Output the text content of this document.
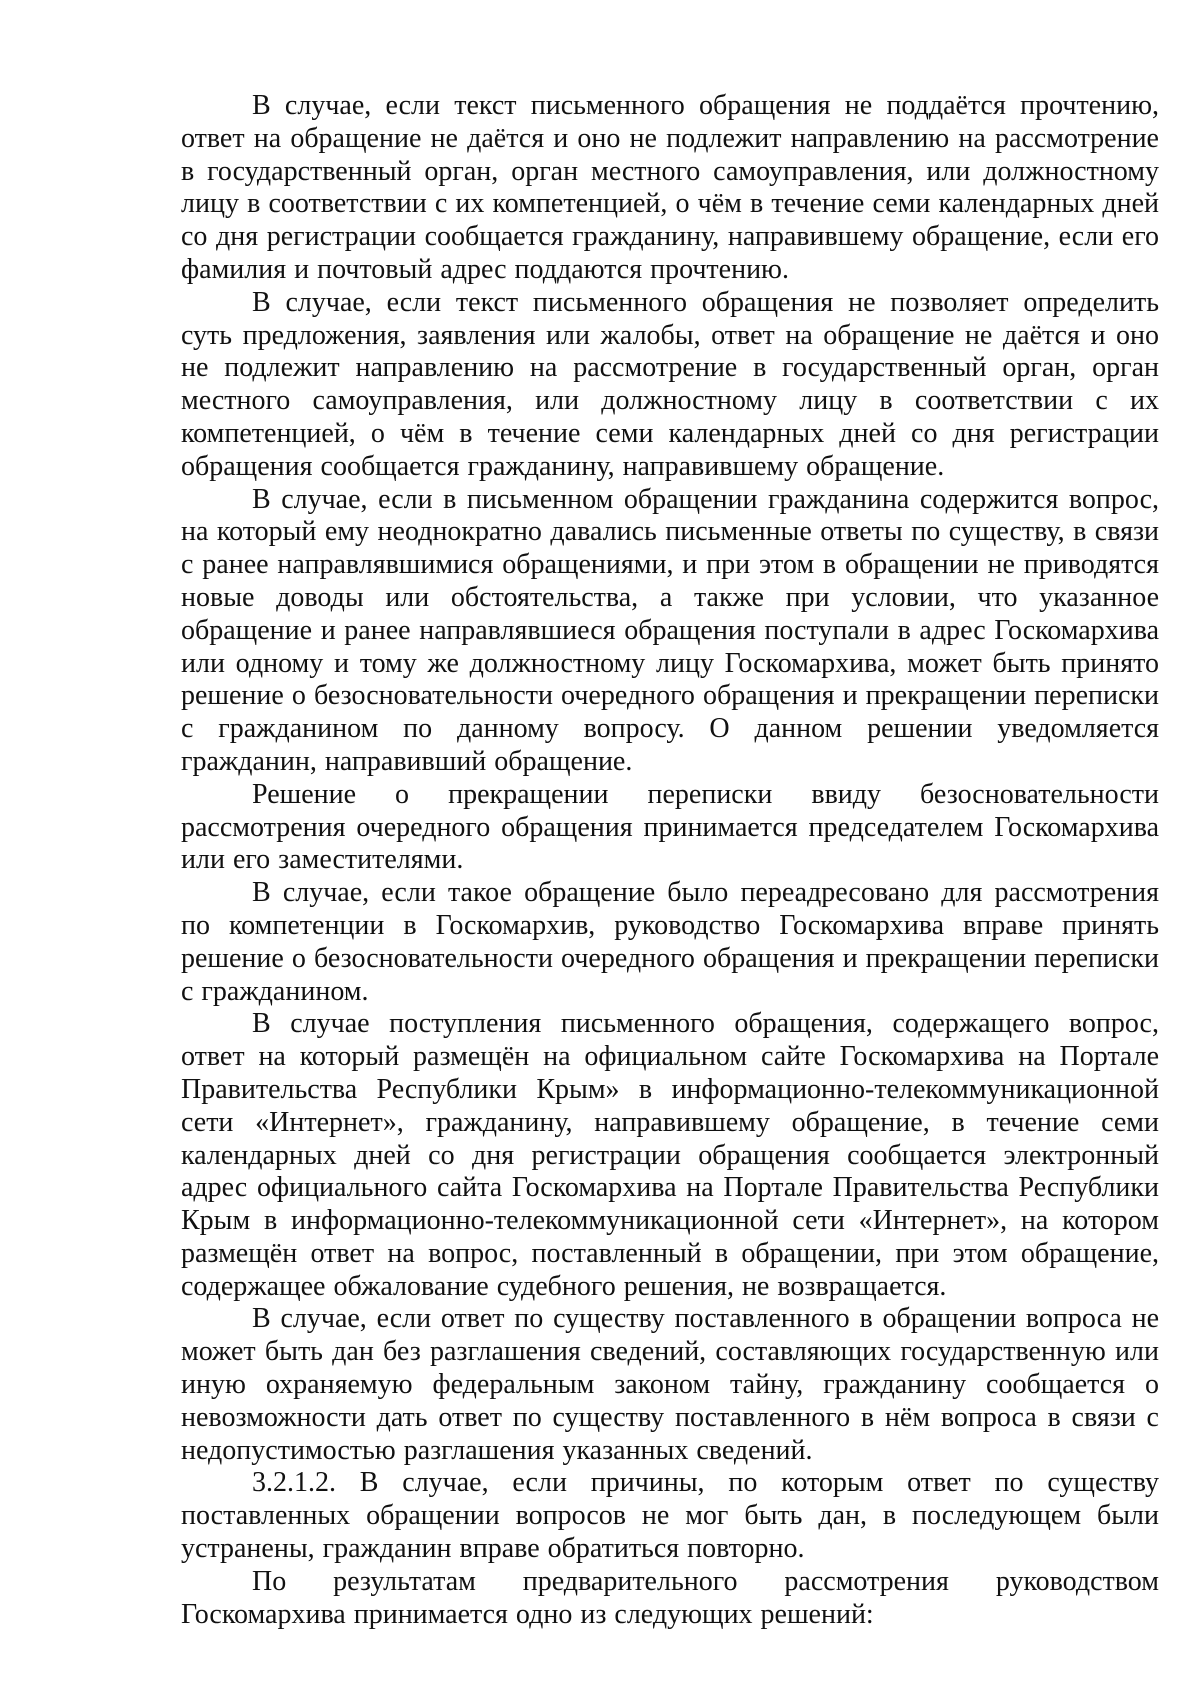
В случае, если текст письменного обращения не поддаётся прочтению, ответ на обращение не даётся и оно не подлежит направлению на рассмотрение в государственный орган, орган местного самоуправления, или должностному лицу в соответствии с их компетенцией, о чём в течение семи календарных дней со дня регистрации сообщается гражданину, направившему обращение, если его фамилия и почтовый адрес поддаются прочтению.

В случае, если текст письменного обращения не позволяет определить суть предложения, заявления или жалобы, ответ на обращение не даётся и оно не подлежит направлению на рассмотрение в государственный орган, орган местного самоуправления, или должностному лицу в соответствии с их компетенцией, о чём в течение семи календарных дней со дня регистрации обращения сообщается гражданину, направившему обращение.

В случае, если в письменном обращении гражданина содержится вопрос, на который ему неоднократно давались письменные ответы по существу, в связи с ранее направлявшимися обращениями, и при этом в обращении не приводятся новые доводы или обстоятельства, а также при условии, что указанное обращение и ранее направлявшиеся обращения поступали в адрес Госкомархива или одному и тому же должностному лицу Госкомархива, может быть принято решение о безосновательности очередного обращения и прекращении переписки с гражданином по данному вопросу. О данном решении уведомляется гражданин, направивший обращение.

Решение о прекращении переписки ввиду безосновательности рассмотрения очередного обращения принимается председателем Госкомархива или его заместителями.

В случае, если такое обращение было переадресовано для рассмотрения по компетенции в Госкомархив, руководство Госкомархива вправе принять решение о безосновательности очередного обращения и прекращении переписки с гражданином.

В случае поступления письменного обращения, содержащего вопрос, ответ на который размещён на официальном сайте Госкомархива на Портале Правительства Республики Крым» в информационно-телекоммуникационной сети «Интернет», гражданину, направившему обращение, в течение семи календарных дней со дня регистрации обращения сообщается электронный адрес официального сайта Госкомархива на Портале Правительства Республики Крым в информационно-телекоммуникационной сети «Интернет», на котором размещён ответ на вопрос, поставленный в обращении, при этом обращение, содержащее обжалование судебного решения, не возвращается.

В случае, если ответ по существу поставленного в обращении вопроса не может быть дан без разглашения сведений, составляющих государственную или иную охраняемую федеральным законом тайну, гражданину сообщается о невозможности дать ответ по существу поставленного в нём вопроса в связи с недопустимостью разглашения указанных сведений.

3.2.1.2. В случае, если причины, по которым ответ по существу поставленных обращении вопросов не мог быть дан, в последующем были устранены, гражданин вправе обратиться повторно.

По результатам предварительного рассмотрения руководством Госкомархива принимается одно из следующих решений:
